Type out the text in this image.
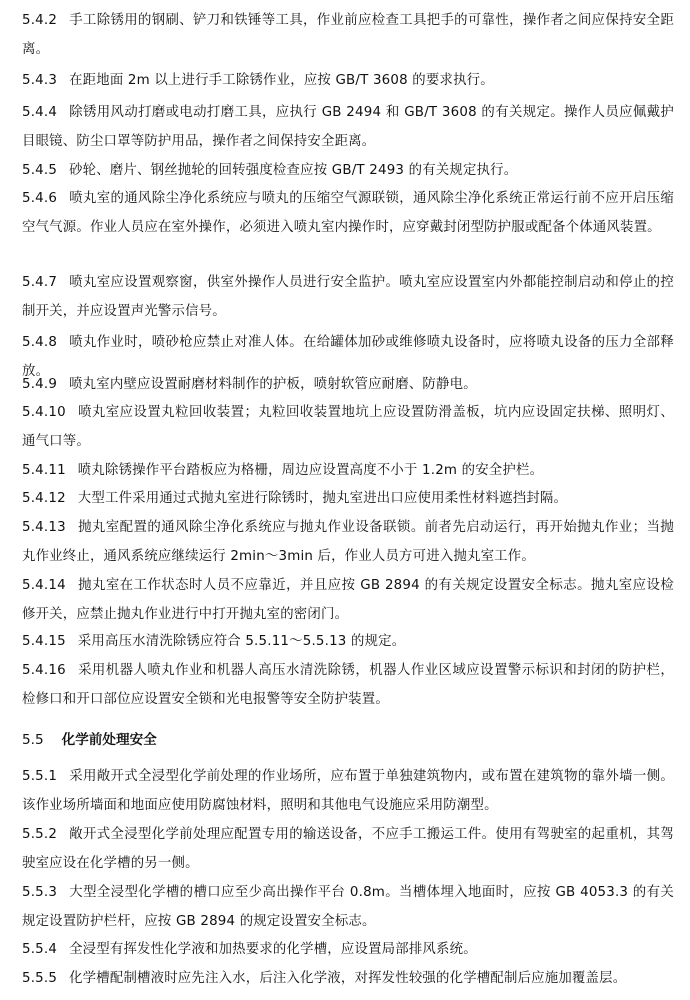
5.4.2 手工除锈用的钢刷、铲刀和铁锤等工具，作业前应检查工具把手的可靠性，操作者之间应保持安全距离。
5.4.3 在距地面 2m 以上进行手工除锈作业，应按 GB/T 3608 的要求执行。
5.4.4 除锈用风动打磨或电动打磨工具，应执行 GB 2494 和 GB/T 3608 的有关规定。操作人员应佩戴护目眼镜、防尘口罩等防护用品，操作者之间保持安全距离。
5.4.5 砂轮、磨片、钢丝抛轮的回转强度检查应按 GB/T 2493 的有关规定执行。
5.4.6 喷丸室的通风除尘净化系统应与喷丸的压缩空气源联锁，通风除尘净化系统正常运行前不应开启压缩空气气源。作业人员应在室外操作，必须进入喷丸室内操作时，应穿戴封闭型防护服或配备个体通风装置。
5.4.7 喷丸室应设置观察窗，供室外操作人员进行安全监护。喷丸室应设置室内外都能控制启动和停止的控制开关，并应设置声光警示信号。
5.4.8 喷丸作业时，喷砂枪应禁止对准人体。在给罐体加砂或维修喷丸设备时，应将喷丸设备的压力全部释放。
5.4.9 喷丸室内壁应设置耐磨材料制作的护板，喷射软管应耐磨、防静电。
5.4.10 喷丸室应设置丸粒回收装置；丸粒回收装置地坑上应设置防滑盖板，坑内应设固定扶梯、照明灯、通气口等。
5.4.11 喷丸除锈操作平台踏板应为格栅，周边应设置高度不小于 1.2m 的安全护栏。
5.4.12 大型工件采用通过式抛丸室进行除锈时，抛丸室进出口应使用柔性材料遮挡封隔。
5.4.13 抛丸室配置的通风除尘净化系统应与抛丸作业设备联锁。前者先启动运行，再开始抛丸作业；当抛丸作业终止，通风系统应继续运行 2min～3min 后，作业人员方可进入抛丸室工作。
5.4.14 抛丸室在工作状态时人员不应靠近，并且应按 GB 2894 的有关规定设置安全标志。抛丸室应设检修开关，应禁止抛丸作业进行中打开抛丸室的密闭门。
5.4.15 采用高压水清洗除锈应符合 5.5.11～5.5.13 的规定。
5.4.16 采用机器人喷丸作业和机器人高压水清洗除锈，机器人作业区域应设置警示标识和封闭的防护栏，检修口和开口部位应设置安全锁和光电报警等安全防护装置。
5.5 化学前处理安全
5.5.1 采用敞开式全浸型化学前处理的作业场所，应布置于单独建筑物内，或布置在建筑物的靠外墙一侧。该作业场所墙面和地面应使用防腐蚀材料，照明和其他电气设施应采用防潮型。
5.5.2 敞开式全浸型化学前处理应配置专用的输送设备，不应手工搬运工件。使用有驾驶室的起重机，其驾驶室应设在化学槽的另一侧。
5.5.3 大型全浸型化学槽的槽口应至少高出操作平台 0.8m。当槽体埋入地面时，应按 GB 4053.3 的有关规定设置防护栏杆，应按 GB 2894 的规定设置安全标志。
5.5.4 全浸型有挥发性化学液和加热要求的化学槽，应设置局部排风系统。
5.5.5 化学槽配制槽液时应先注入水，后注入化学液，对挥发性较强的化学槽配制后应施加覆盖层。
